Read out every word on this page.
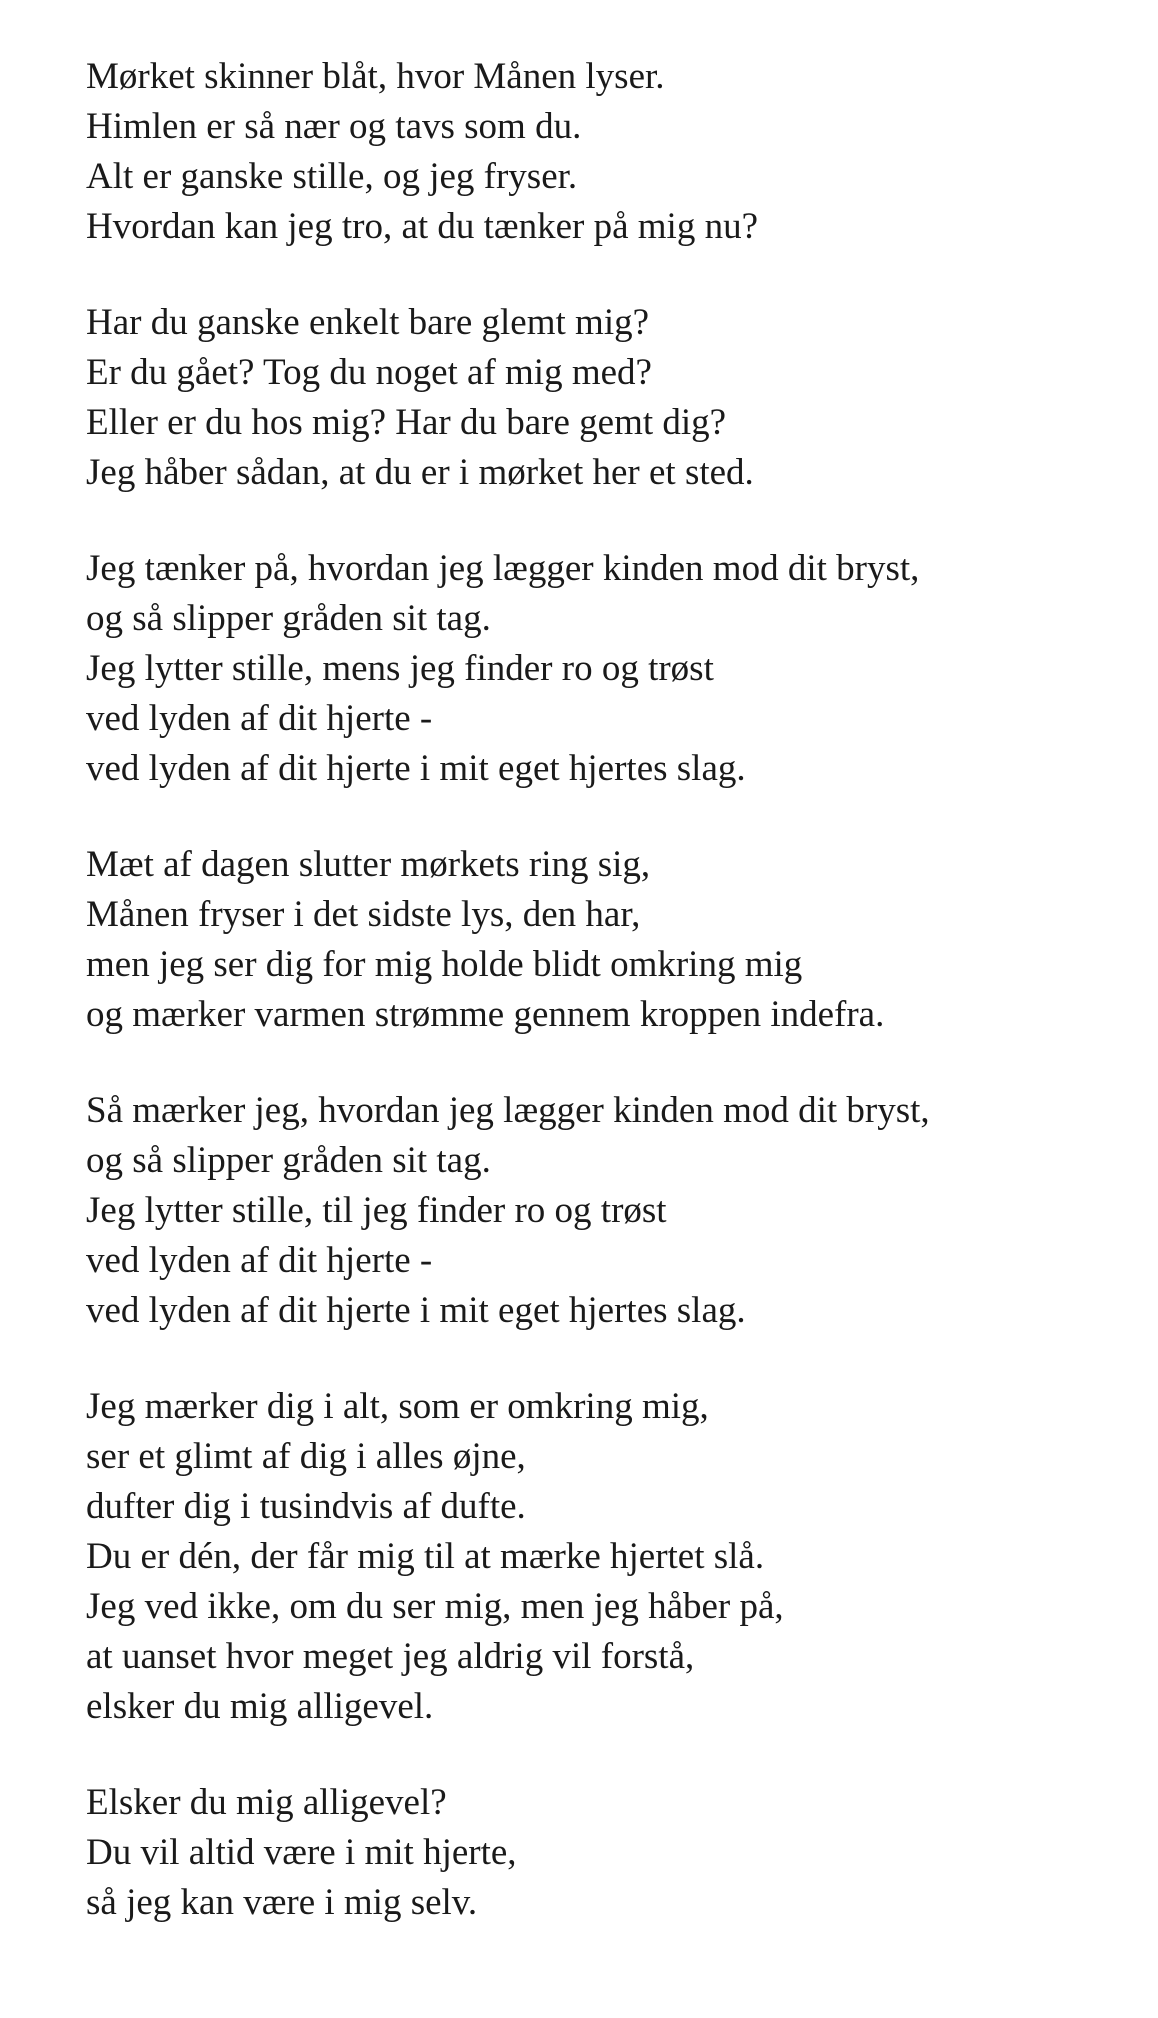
Mørket skinner blåt, hvor Månen lyser.
Himlen er så nær og tavs som du.
Alt er ganske stille, og jeg fryser.
Hvordan kan jeg tro, at du tænker på mig nu?
Har du ganske enkelt bare glemt mig?
Er du gået? Tog du noget af mig med?
Eller er du hos mig? Har du bare gemt dig?
Jeg håber sådan, at du er i mørket her et sted.
Jeg tænker på, hvordan jeg lægger kinden mod dit bryst,
og så slipper gråden sit tag.
Jeg lytter stille, mens jeg finder ro og trøst
ved lyden af dit hjerte -
ved lyden af dit hjerte i mit eget hjertes slag.
Mæt af dagen slutter mørkets ring sig,
Månen fryser i det sidste lys, den har,
men jeg ser dig for mig holde blidt omkring mig
og mærker varmen strømme gennem kroppen indefra.
Så mærker jeg, hvordan jeg lægger kinden mod dit bryst,
og så slipper gråden sit tag.
Jeg lytter stille, til jeg finder ro og trøst
ved lyden af dit hjerte -
ved lyden af dit hjerte i mit eget hjertes slag.
Jeg mærker dig i alt, som er omkring mig,
ser et glimt af dig i alles øjne,
dufter dig i tusindvis af dufte.
Du er dén, der får mig til at mærke hjertet slå.
Jeg ved ikke, om du ser mig, men jeg håber på,
at uanset hvor meget jeg aldrig vil forstå,
elsker du mig alligevel.
Elsker du mig alligevel?
Du vil altid være i mit hjerte,
så jeg kan være i mig selv.
